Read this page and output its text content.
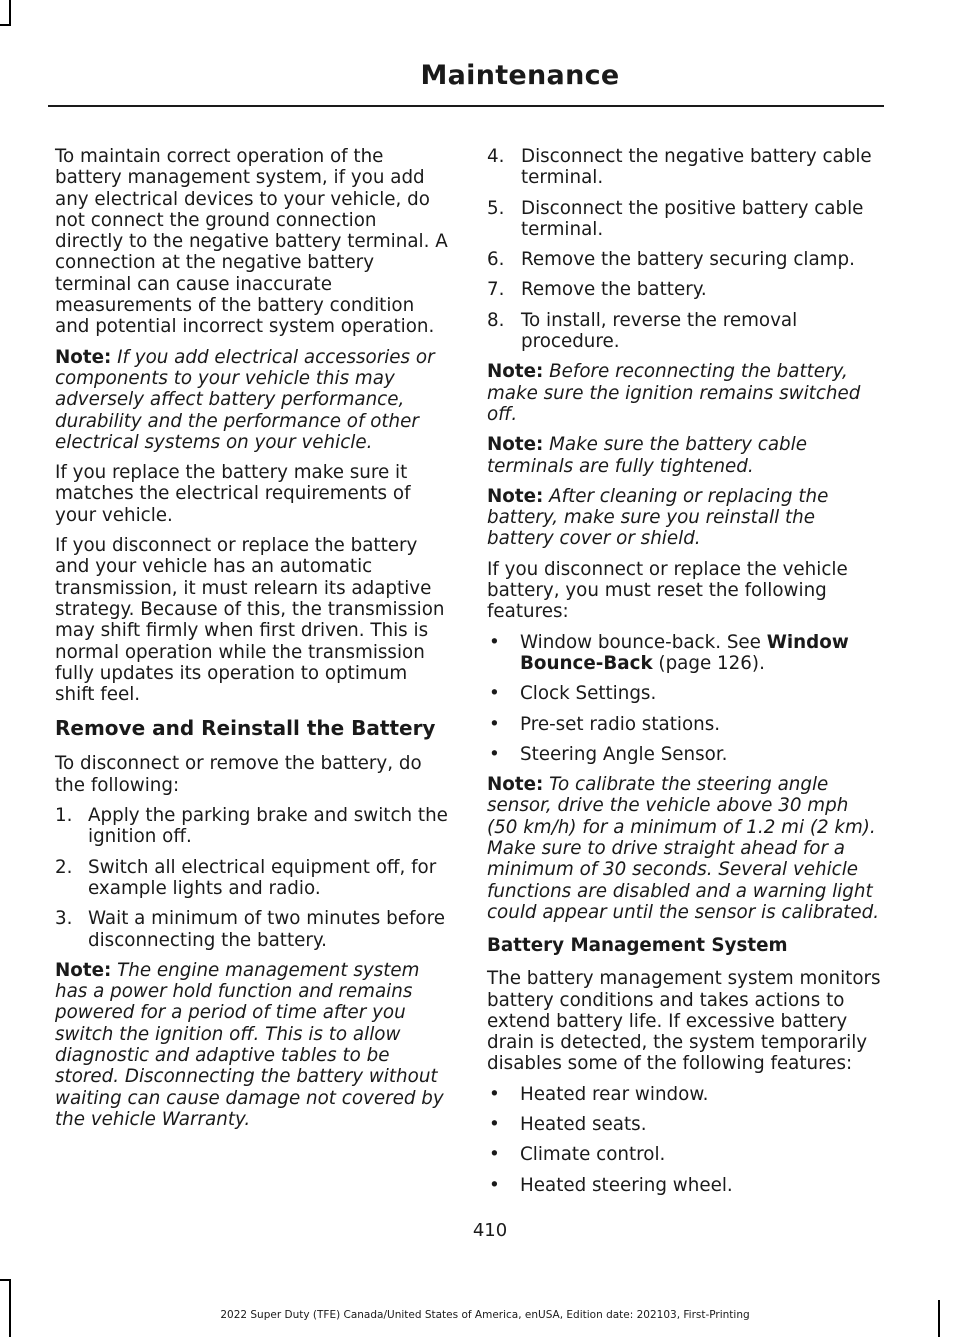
Maintenance

To maintain correct operation of the battery management system, if you add any electrical devices to your vehicle, do not connect the ground connection directly to the negative battery terminal. A connection at the negative battery terminal can cause inaccurate measurements of the battery condition and potential incorrect system operation.

Note: If you add electrical accessories or components to your vehicle this may adversely affect battery performance, durability and the performance of other electrical systems on your vehicle.

If you replace the battery make sure it matches the electrical requirements of your vehicle.

If you disconnect or replace the battery and your vehicle has an automatic transmission, it must relearn its adaptive strategy. Because of this, the transmission may shift firmly when first driven. This is normal operation while the transmission fully updates its operation to optimum shift feel.

Remove and Reinstall the Battery

To disconnect or remove the battery, do the following:

1. Apply the parking brake and switch the ignition off.
2. Switch all electrical equipment off, for example lights and radio.
3. Wait a minimum of two minutes before disconnecting the battery.

Note: The engine management system has a power hold function and remains powered for a period of time after you switch the ignition off. This is to allow diagnostic and adaptive tables to be stored. Disconnecting the battery without waiting can cause damage not covered by the vehicle Warranty.

4. Disconnect the negative battery cable terminal.
5. Disconnect the positive battery cable terminal.
6. Remove the battery securing clamp.
7. Remove the battery.
8. To install, reverse the removal procedure.

Note: Before reconnecting the battery, make sure the ignition remains switched off.

Note: Make sure the battery cable terminals are fully tightened.

Note: After cleaning or replacing the battery, make sure you reinstall the battery cover or shield.

If you disconnect or replace the vehicle battery, you must reset the following features:

• Window bounce-back. See Window Bounce-Back (page 126).
• Clock Settings.
• Pre-set radio stations.
• Steering Angle Sensor.

Note: To calibrate the steering angle sensor, drive the vehicle above 30 mph (50 km/h) for a minimum of 1.2 mi (2 km). Make sure to drive straight ahead for a minimum of 30 seconds. Several vehicle functions are disabled and a warning light could appear until the sensor is calibrated.

Battery Management System

The battery management system monitors battery conditions and takes actions to extend battery life. If excessive battery drain is detected, the system temporarily disables some of the following features:

• Heated rear window.
• Heated seats.
• Climate control.
• Heated steering wheel.
410
2022 Super Duty (TFE) Canada/United States of America, enUSA, Edition date: 202103, First-Printing
